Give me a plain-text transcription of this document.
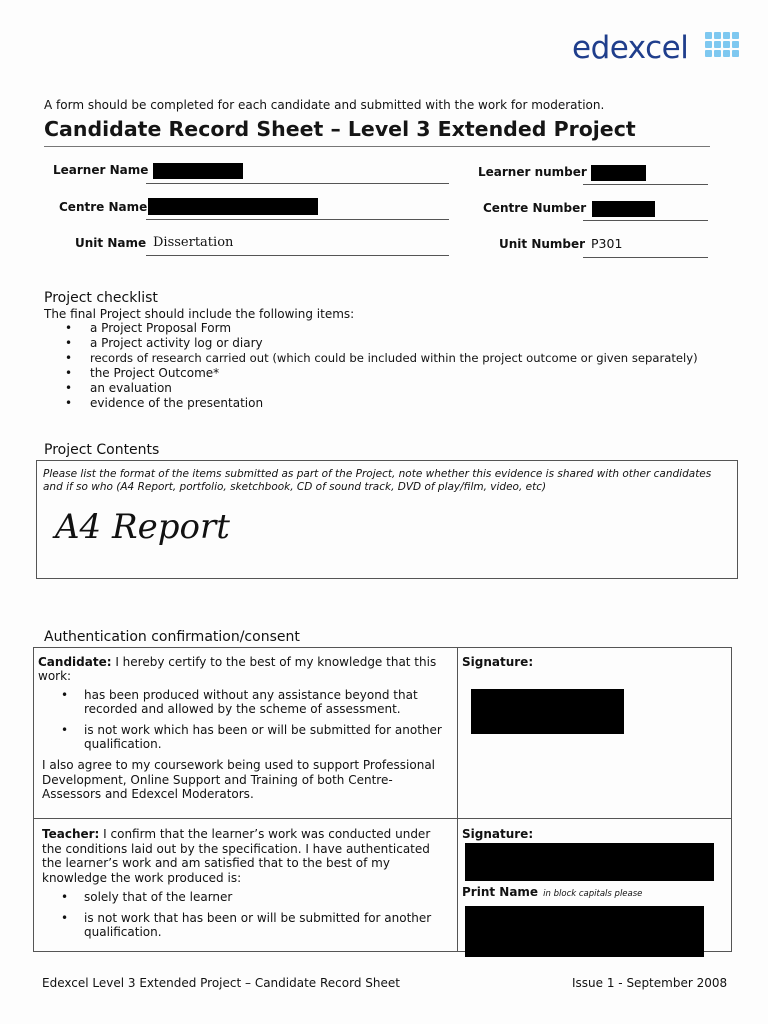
edexcel
A form should be completed for each candidate and submitted with the work for moderation.
Candidate Record Sheet – Level 3 Extended Project
Learner Name	Learner number
Centre Name	Centre Number
Unit Name Dissertation	Unit Number P301
Project checklist
The final Project should include the following items:
• a Project Proposal Form
• a Project activity log or diary
• records of research carried out (which could be included within the project outcome or given separately)
• the Project Outcome*
• an evaluation
• evidence of the presentation
Project Contents
Please list the format of the items submitted as part of the Project, note whether this evidence is shared with other candidates and if so who (A4 Report, portfolio, sketchbook, CD of sound track, DVD of play/film, video, etc)
A4 Report
Authentication confirmation/consent
Candidate: I hereby certify to the best of my knowledge that this work:
• has been produced without any assistance beyond that recorded and allowed by the scheme of assessment.
• is not work which has been or will be submitted for another qualification.
I also agree to my coursework being used to support Professional Development, Online Support and Training of both Centre-Assessors and Edexcel Moderators.
Signature:
Teacher: I confirm that the learner’s work was conducted under the conditions laid out by the specification. I have authenticated the learner’s work and am satisfied that to the best of my knowledge the work produced is:
• solely that of the learner
• is not work that has been or will be submitted for another qualification.
Signature:
Print Name in block capitals please
Edexcel Level 3 Extended Project – Candidate Record Sheet	Issue 1 - September 2008
